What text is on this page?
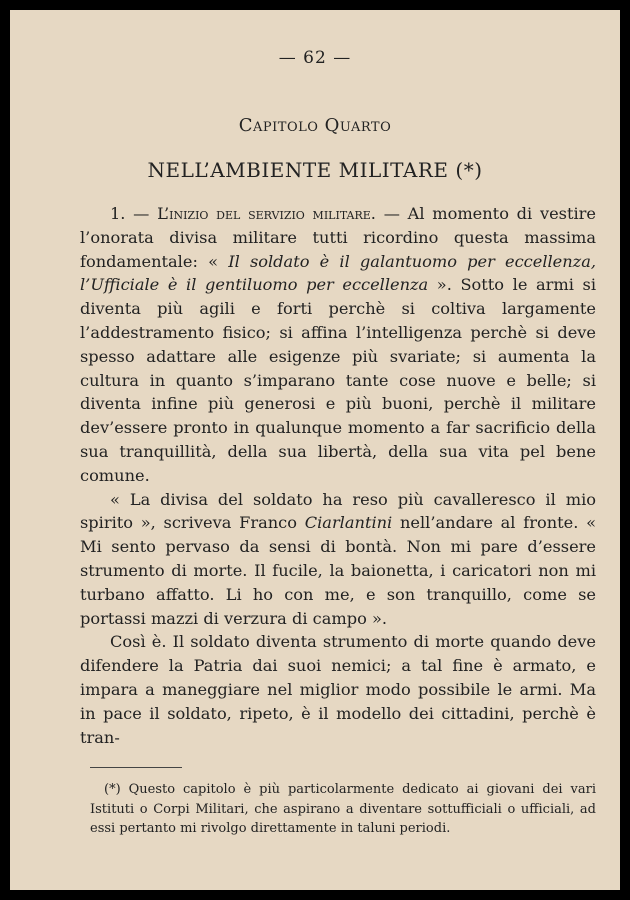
— 62 —
Capitolo Quarto
NELL’AMBIENTE MILITARE (*)

1. — L’inizio del servizio militare. — Al momento di vestire l’onorata divisa militare tutti ricordino questa massima fondamentale: « Il soldato è il galantuomo per eccellenza, l’Ufficiale è il gentiluomo per eccellenza ». Sotto le armi si diventa più agili e forti perchè si coltiva largamente l’addestramento fisico; si affina l’intelligenza perchè si deve spesso adattare alle esigenze più svariate; si aumenta la cultura in quanto s’imparano tante cose nuove e belle; si diventa infine più generosi e più buoni, perchè il militare dev’essere pronto in qualunque momento a far sacrificio della sua tranquillità, della sua libertà, della sua vita pel bene comune.

« La divisa del soldato ha reso più cavalleresco il mio spirito », scriveva Franco Ciarlantini nell’andare al fronte. « Mi sento pervaso da sensi di bontà. Non mi pare d’essere strumento di morte. Il fucile, la baionetta, i caricatori non mi turbano affatto. Li ho con me, e son tranquillo, come se portassi mazzi di verzura di campo ».

Così è. Il soldato diventa strumento di morte quando deve difendere la Patria dai suoi nemici; a tal fine è armato, e impara a maneggiare nel miglior modo possibile le armi. Ma in pace il soldato, ripeto, è il modello dei cittadini, perchè è tran-

(*) Questo capitolo è più particolarmente dedicato ai giovani dei vari Istituti o Corpi Militari, che aspirano a diventare sottufficiali o ufficiali, ad essi pertanto mi rivolgo direttamente in taluni periodi.
